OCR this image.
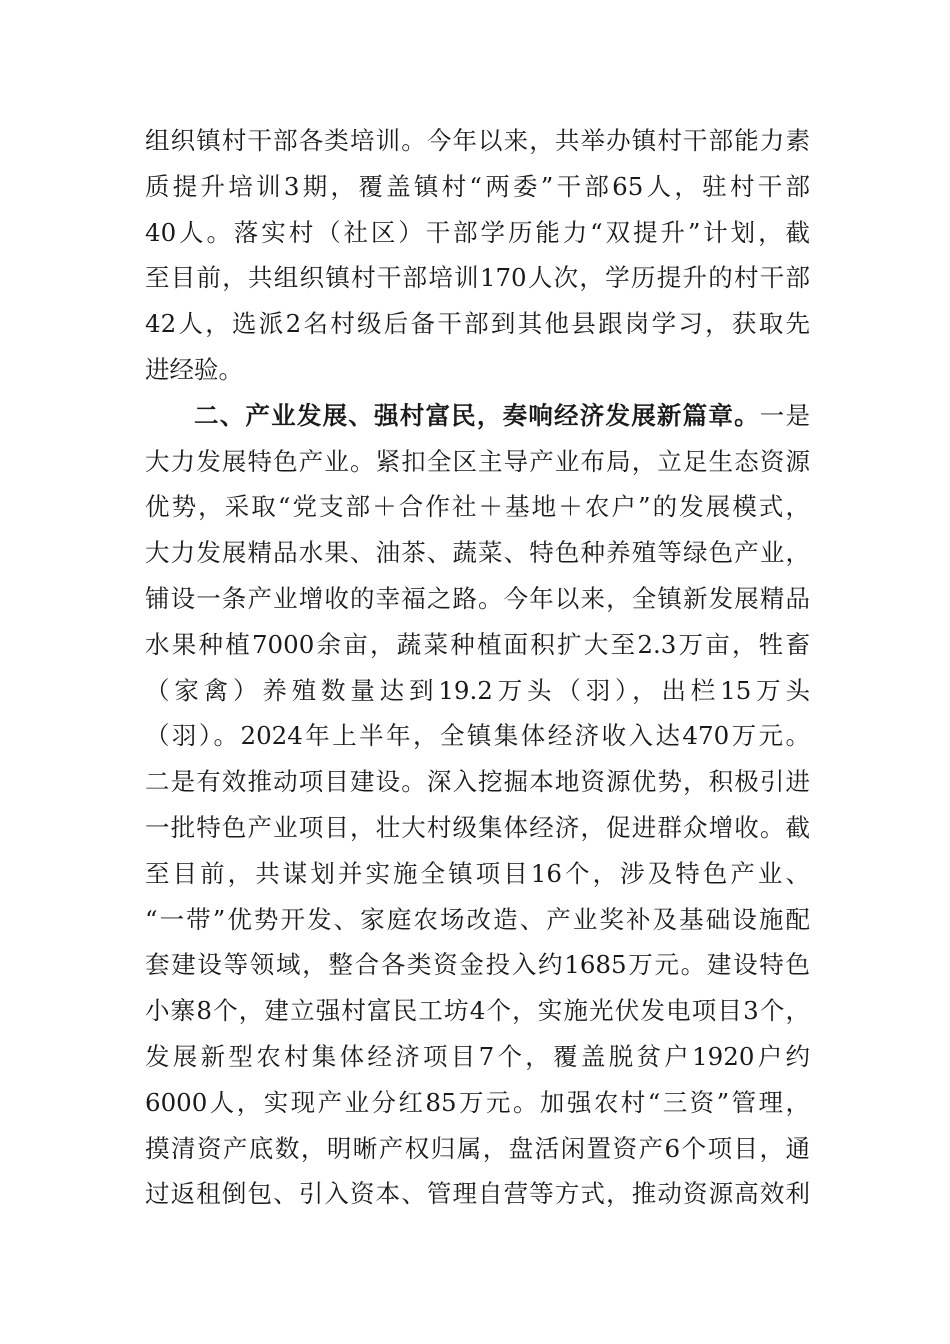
组织镇村干部各类培训。今年以来，共举办镇村干部能力素
质提升培训3期，覆盖镇村“两委”干部65人，驻村干部
40人。落实村（社区）干部学历能力“双提升”计划，截
至目前，共组织镇村干部培训170人次，学历提升的村干部
42人，选派2名村级后备干部到其他县跟岗学习，获取先
进经验。
二、产业发展、强村富民，奏响经济发展新篇章。一是
大力发展特色产业。紧扣全区主导产业布局，立足生态资源
优势，采取“党支部＋合作社＋基地＋农户”的发展模式，
大力发展精品水果、油茶、蔬菜、特色种养殖等绿色产业，
铺设一条产业增收的幸福之路。今年以来，全镇新发展精品
水果种植7000余亩，蔬菜种植面积扩大至2.3万亩，牲畜
（家禽）养殖数量达到19.2万头（羽），出栏15万头
（羽）。2024年上半年，全镇集体经济收入达470万元。
二是有效推动项目建设。深入挖掘本地资源优势，积极引进
一批特色产业项目，壮大村级集体经济，促进群众增收。截
至目前，共谋划并实施全镇项目16个，涉及特色产业、
“一带”优势开发、家庭农场改造、产业奖补及基础设施配
套建设等领域，整合各类资金投入约1685万元。建设特色
小寨8个，建立强村富民工坊4个，实施光伏发电项目3个，
发展新型农村集体经济项目7个，覆盖脱贫户1920户约
6000人，实现产业分红85万元。加强农村“三资”管理，
摸清资产底数，明晰产权归属，盘活闲置资产6个项目，通
过返租倒包、引入资本、管理自营等方式，推动资源高效利
